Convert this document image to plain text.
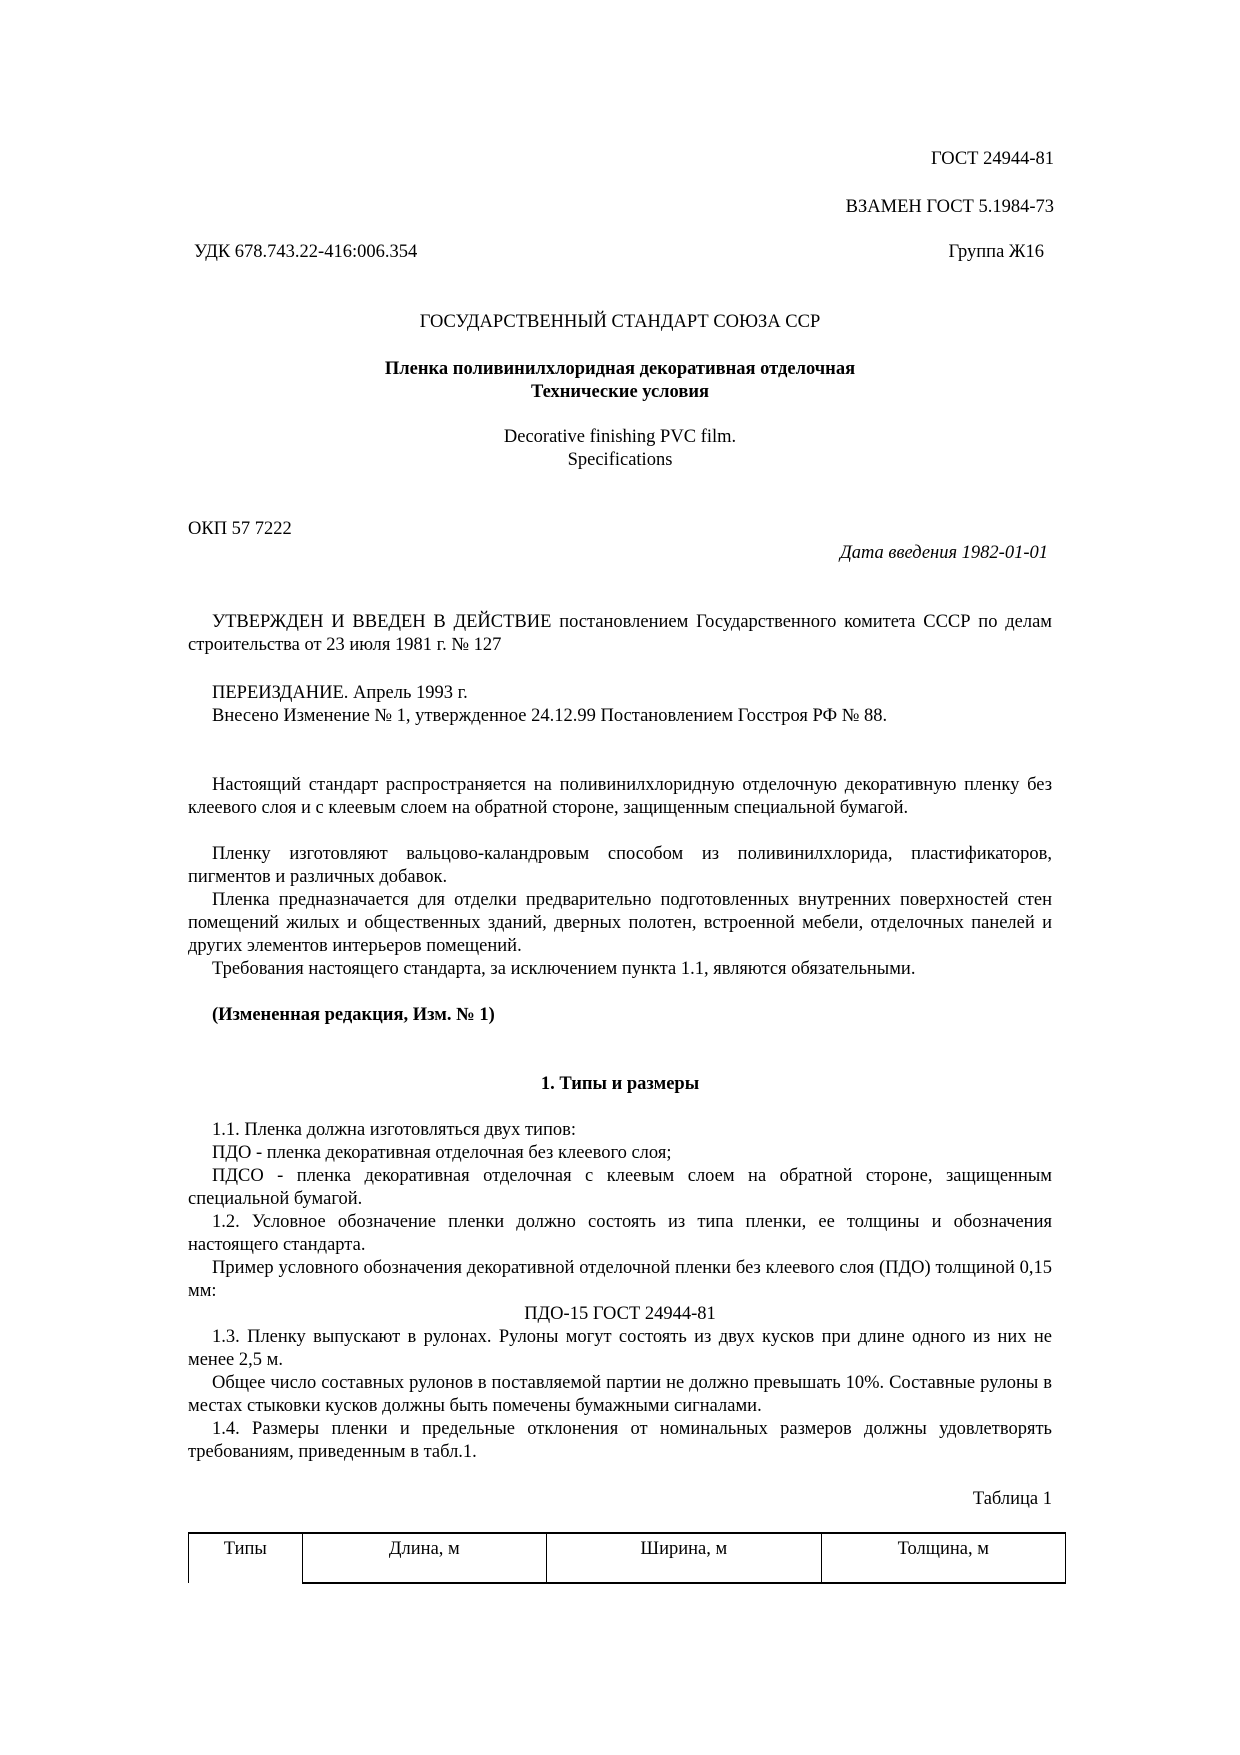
ГОСТ 24944-81
ВЗАМЕН ГОСТ 5.1984-73
УДК 678.743.22-416:006.354	Группа Ж16
ГОСУДАРСТВЕННЫЙ СТАНДАРТ СОЮЗА ССР
Пленка поливинилхлоридная декоративная отделочная
Технические условия
Decorative finishing PVC film.
Specifications
ОКП 57 7222
Дата введения 1982-01-01
УТВЕРЖДЕН И ВВЕДЕН В ДЕЙСТВИЕ постановлением Государственного комитета СССР по делам строительства от 23 июля 1981 г. № 127
ПЕРЕИЗДАНИЕ. Апрель 1993 г.
Внесено Изменение № 1, утвержденное 24.12.99 Постановлением Госстроя РФ № 88.
Настоящий стандарт распространяется на поливинилхлоридную отделочную декоративную пленку без клеевого слоя и с клеевым слоем на обратной стороне, защищенным специальной бумагой.
Пленку изготовляют вальцово-каландровым способом из поливинилхлорида, пластификаторов, пигментов и различных добавок.
Пленка предназначается для отделки предварительно подготовленных внутренних поверхностей стен помещений жилых и общественных зданий, дверных полотен, встроенной мебели, отделочных панелей и других элементов интерьеров помещений.
Требования настоящего стандарта, за исключением пункта 1.1, являются обязательными.
(Измененная редакция, Изм. № 1)
1. Типы и размеры
1.1. Пленка должна изготовляться двух типов:
ПДО - пленка декоративная отделочная без клеевого слоя;
ПДСО - пленка декоративная отделочная с клеевым слоем на обратной стороне, защищенным специальной бумагой.
1.2. Условное обозначение пленки должно состоять из типа пленки, ее толщины и обозначения настоящего стандарта.
Пример условного обозначения декоративной отделочной пленки без клеевого слоя (ПДО) толщиной 0,15 мм:
ПДО-15 ГОСТ 24944-81
1.3. Пленку выпускают в рулонах. Рулоны могут состоять из двух кусков при длине одного из них не менее 2,5 м.
Общее число составных рулонов в поставляемой партии не должно превышать 10%. Составные рулоны в местах стыковки кусков должны быть помечены бумажными сигналами.
1.4. Размеры пленки и предельные отклонения от номинальных размеров должны удовлетворять требованиям, приведенным в табл.1.
Таблица 1
Типы	Длина, м	Ширина, м	Толщина, м
